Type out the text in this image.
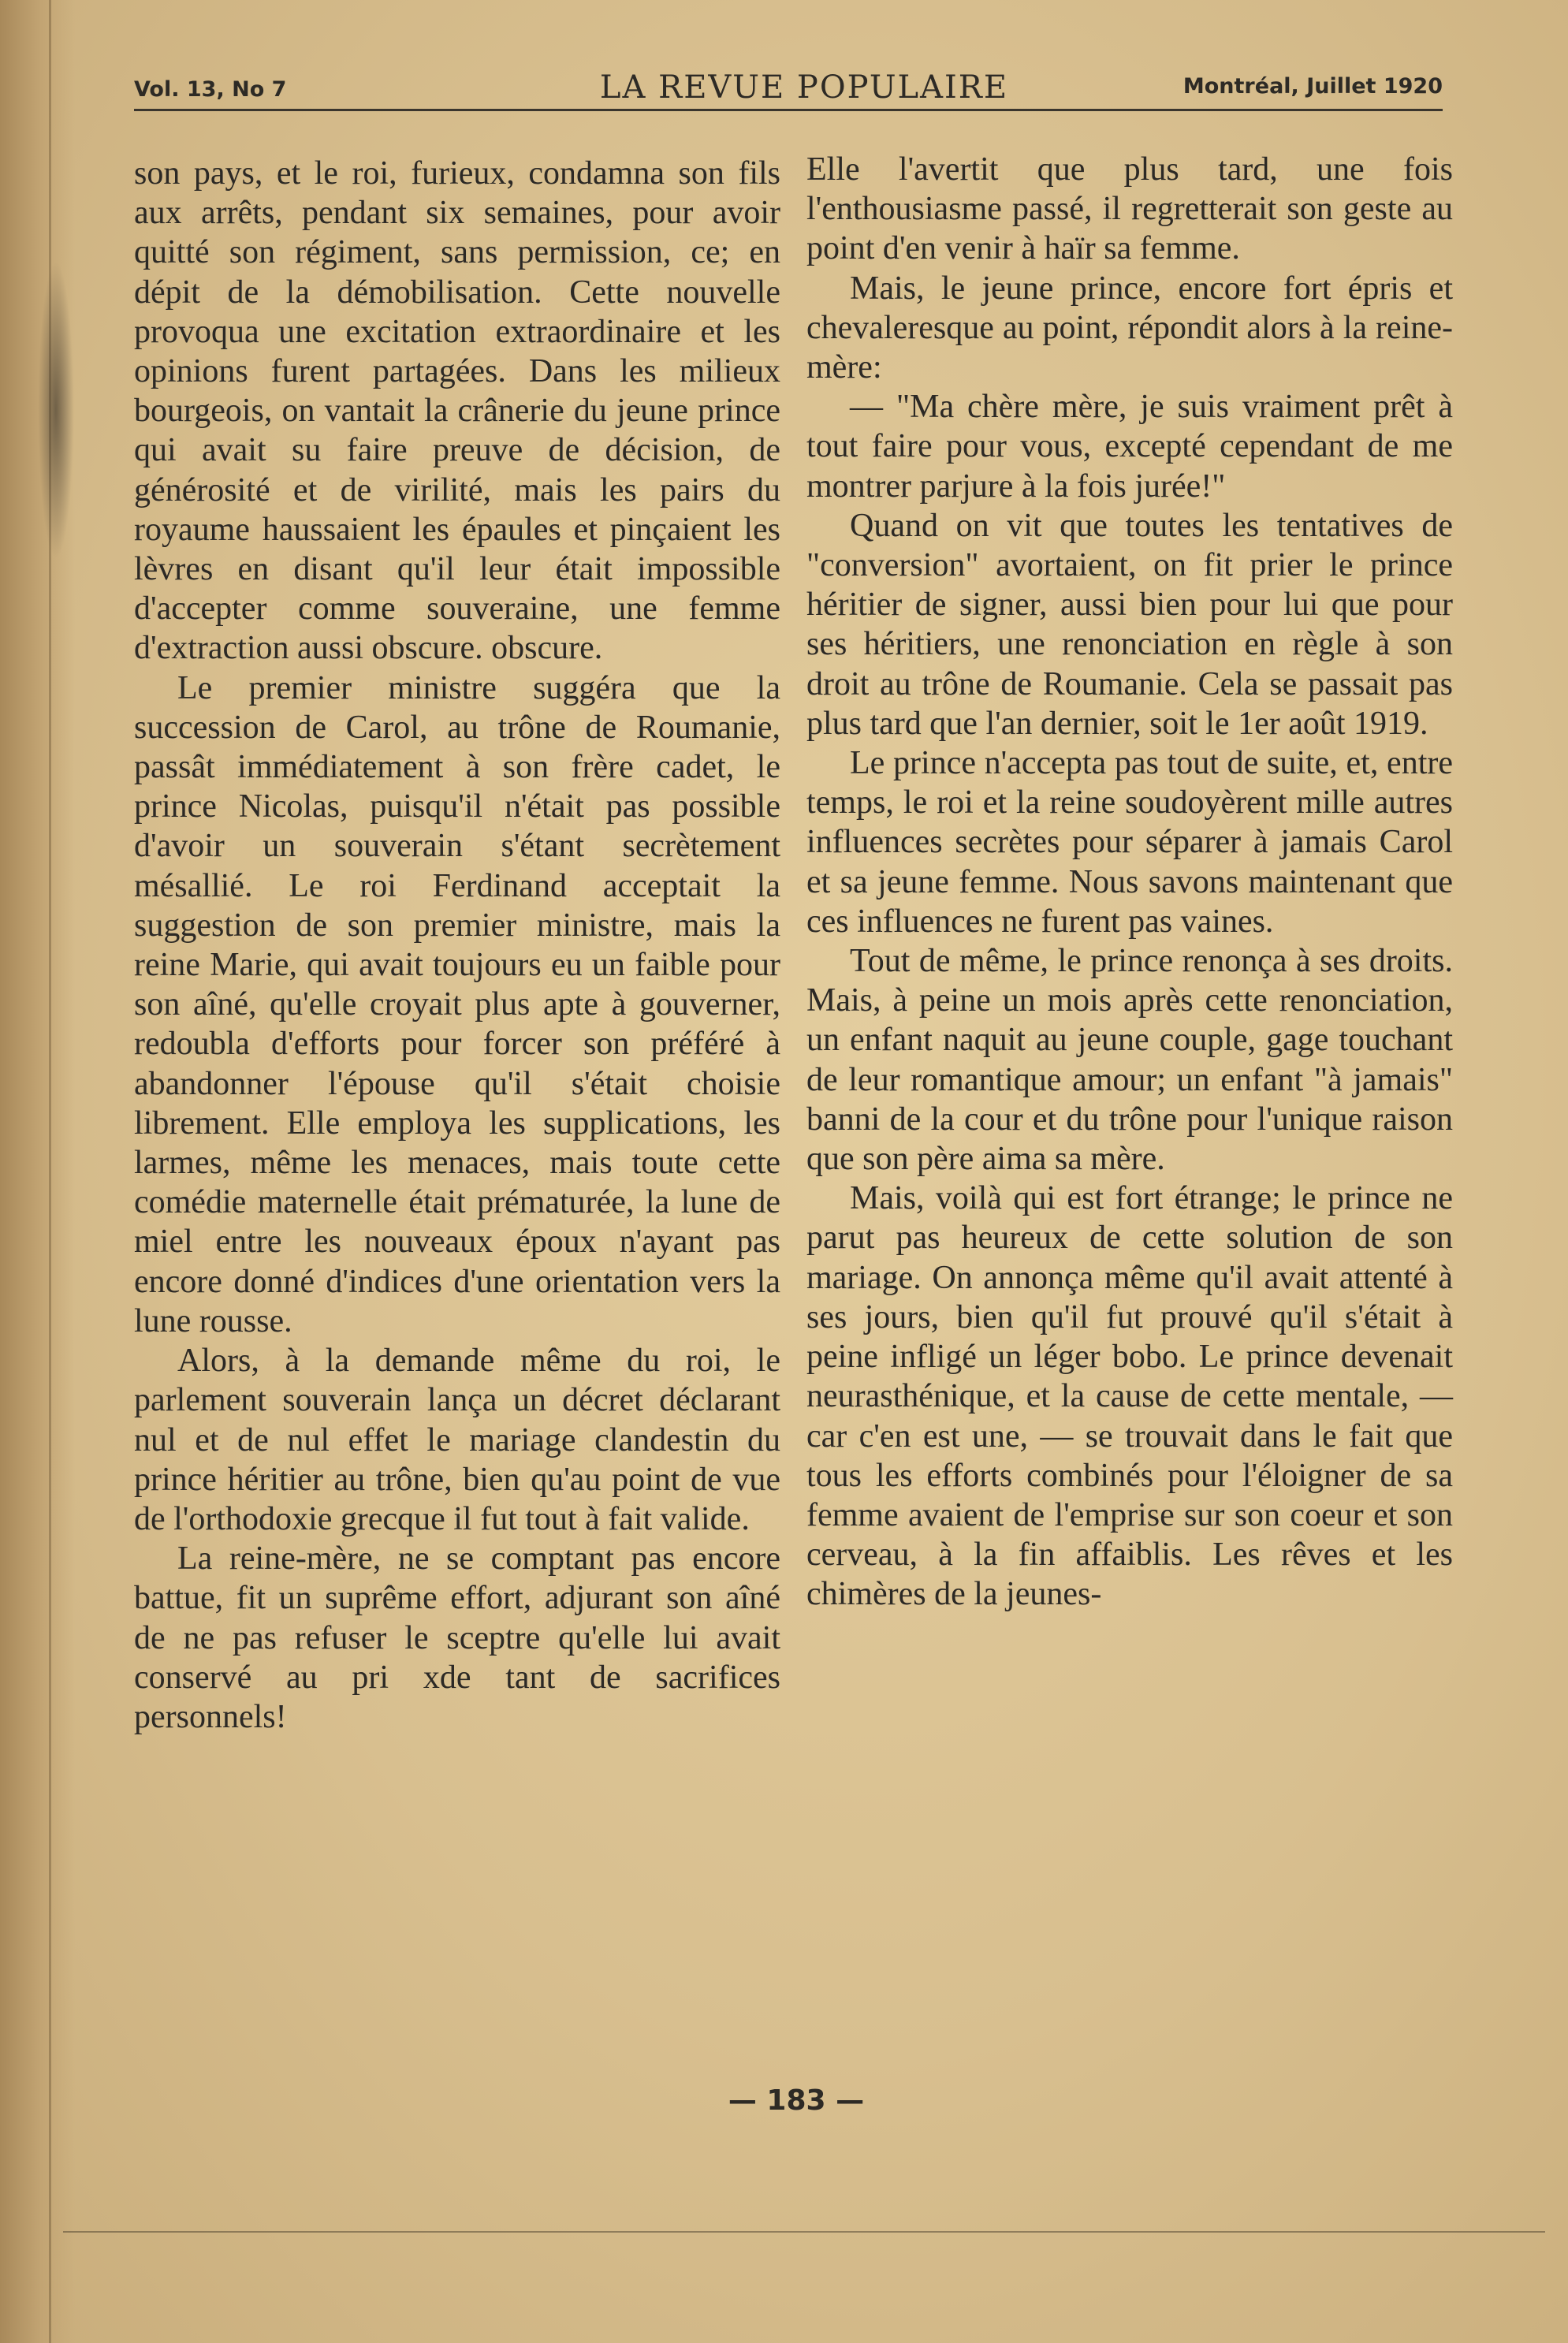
Vol. 13, No 7	LA REVUE POPULAIRE	Montréal, Juillet 1920

son pays, et le roi, furieux, condamna son fils aux arrêts, pendant six semaines, pour avoir quitté son régiment, sans permission, ce; en dépit de la démobilisation. Cette nouvelle provoqua une excitation extraordinaire et les opinions furent partagées. Dans les milieux bourgeois, on vantait la crânerie du jeune prince qui avait su faire preuve de décision, de générosité et de virilité, mais les pairs du royaume haussaient les épaules et pinçaient les lèvres en disant qu'il leur était impossible d'accepter comme souveraine, une femme d'extraction aussi obscure. obscure.

Le premier ministre suggéra que la succession de Carol, au trône de Roumanie, passât immédiatement à son frère cadet, le prince Nicolas, puisqu'il n'était pas possible d'avoir un souverain s'étant secrètement mésallié. Le roi Ferdinand acceptait la suggestion de son premier ministre, mais la reine Marie, qui avait toujours eu un faible pour son aîné, qu'elle croyait plus apte à gouverner, redoubla d'efforts pour forcer son préféré à abandonner l'épouse qu'il s'était choisie librement. Elle employa les supplications, les larmes, même les menaces, mais toute cette comédie maternelle était prématurée, la lune de miel entre les nouveaux époux n'ayant pas encore donné d'indices d'une orientation vers la lune rousse.

Alors, à la demande même du roi, le parlement souverain lança un décret déclarant nul et de nul effet le mariage clandestin du prince héritier au trône, bien qu'au point de vue de l'orthodoxie grecque il fut tout à fait valide.

La reine-mère, ne se comptant pas encore battue, fit un suprême effort, adjurant son aîné de ne pas refuser le sceptre qu'elle lui avait conservé au pri xde tant de sacrifices personnels!

Elle l'avertit que plus tard, une fois l'enthousiasme passé, il regretterait son geste au point d'en venir à haïr sa femme.

Mais, le jeune prince, encore fort épris et chevaleresque au point, répondit alors à la reine-mère:

— "Ma chère mère, je suis vraiment prêt à tout faire pour vous, excepté cependant de me montrer parjure à la fois jurée!"

Quand on vit que toutes les tentatives de "conversion" avortaient, on fit prier le prince héritier de signer, aussi bien pour lui que pour ses héritiers, une renonciation en règle à son droit au trône de Roumanie. Cela se passait pas plus tard que l'an dernier, soit le 1er août 1919.

Le prince n'accepta pas tout de suite, et, entre temps, le roi et la reine soudoyèrent mille autres influences secrètes pour séparer à jamais Carol et sa jeune femme. Nous savons maintenant que ces influences ne furent pas vaines.

Tout de même, le prince renonça à ses droits. Mais, à peine un mois après cette renonciation, un enfant naquit au jeune couple, gage touchant de leur romantique amour; un enfant "à jamais" banni de la cour et du trône pour l'unique raison que son père aima sa mère.

Mais, voilà qui est fort étrange; le prince ne parut pas heureux de cette solution de son mariage. On annonça même qu'il avait attenté à ses jours, bien qu'il fut prouvé qu'il s'était à peine infligé un léger bobo. Le prince devenait neurasthénique, et la cause de cette mentale, — car c'en est une, — se trouvait dans le fait que tous les efforts combinés pour l'éloigner de sa femme avaient de l'emprise sur son coeur et son cerveau, à la fin affaiblis. Les rêves et les chimères de la jeunes-

— 183 —
